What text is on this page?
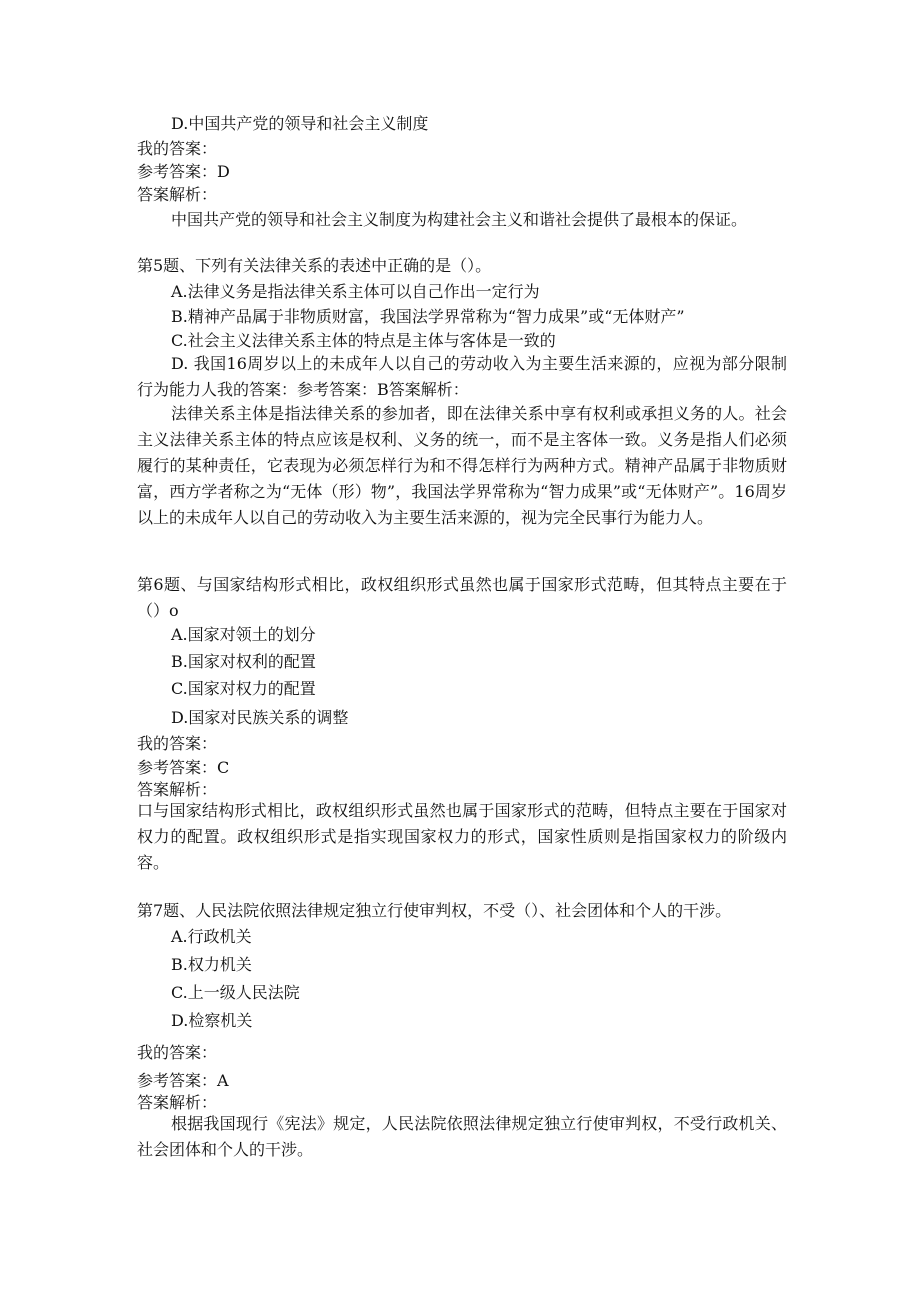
D.中国共产党的领导和社会主义制度
我的答案：
参考答案：D
答案解析：
中国共产党的领导和社会主义制度为构建社会主义和谐社会提供了最根本的保证。
第5题、下列有关法律关系的表述中正确的是（）。
A.法律义务是指法律关系主体可以自己作出一定行为
B.精神产品属于非物质财富，我国法学界常称为“智力成果”或“无体财产”
C.社会主义法律关系主体的特点是主体与客体是一致的
D. 我国16周岁以上的未成年人以自己的劳动收入为主要生活来源的，应视为部分限制行为能力人我的答案：参考答案：B答案解析：
法律关系主体是指法律关系的参加者，即在法律关系中享有权利或承担义务的人。社会主义法律关系主体的特点应该是权利、义务的统一，而不是主客体一致。义务是指人们必须履行的某种责任，它表现为必须怎样行为和不得怎样行为两种方式。精神产品属于非物质财富，西方学者称之为“无体（形）物”，我国法学界常称为“智力成果”或“无体财产”。16周岁以上的未成年人以自己的劳动收入为主要生活来源的，视为完全民事行为能力人。
第6题、与国家结构形式相比，政权组织形式虽然也属于国家形式范畴，但其特点主要在于（）o
A.国家对领土的划分
B.国家对权利的配置
C.国家对权力的配置
D.国家对民族关系的调整
我的答案：
参考答案：C
答案解析：
口与国家结构形式相比，政权组织形式虽然也属于国家形式的范畴，但特点主要在于国家对权力的配置。政权组织形式是指实现国家权力的形式，国家性质则是指国家权力的阶级内容。
第7题、人民法院依照法律规定独立行使审判权，不受（）、社会团体和个人的干涉。
A.行政机关
B.权力机关
C.上一级人民法院
D.检察机关
我的答案：
参考答案：A
答案解析：
根据我国现行《宪法》规定，人民法院依照法律规定独立行使审判权，不受行政机关、社会团体和个人的干涉。
